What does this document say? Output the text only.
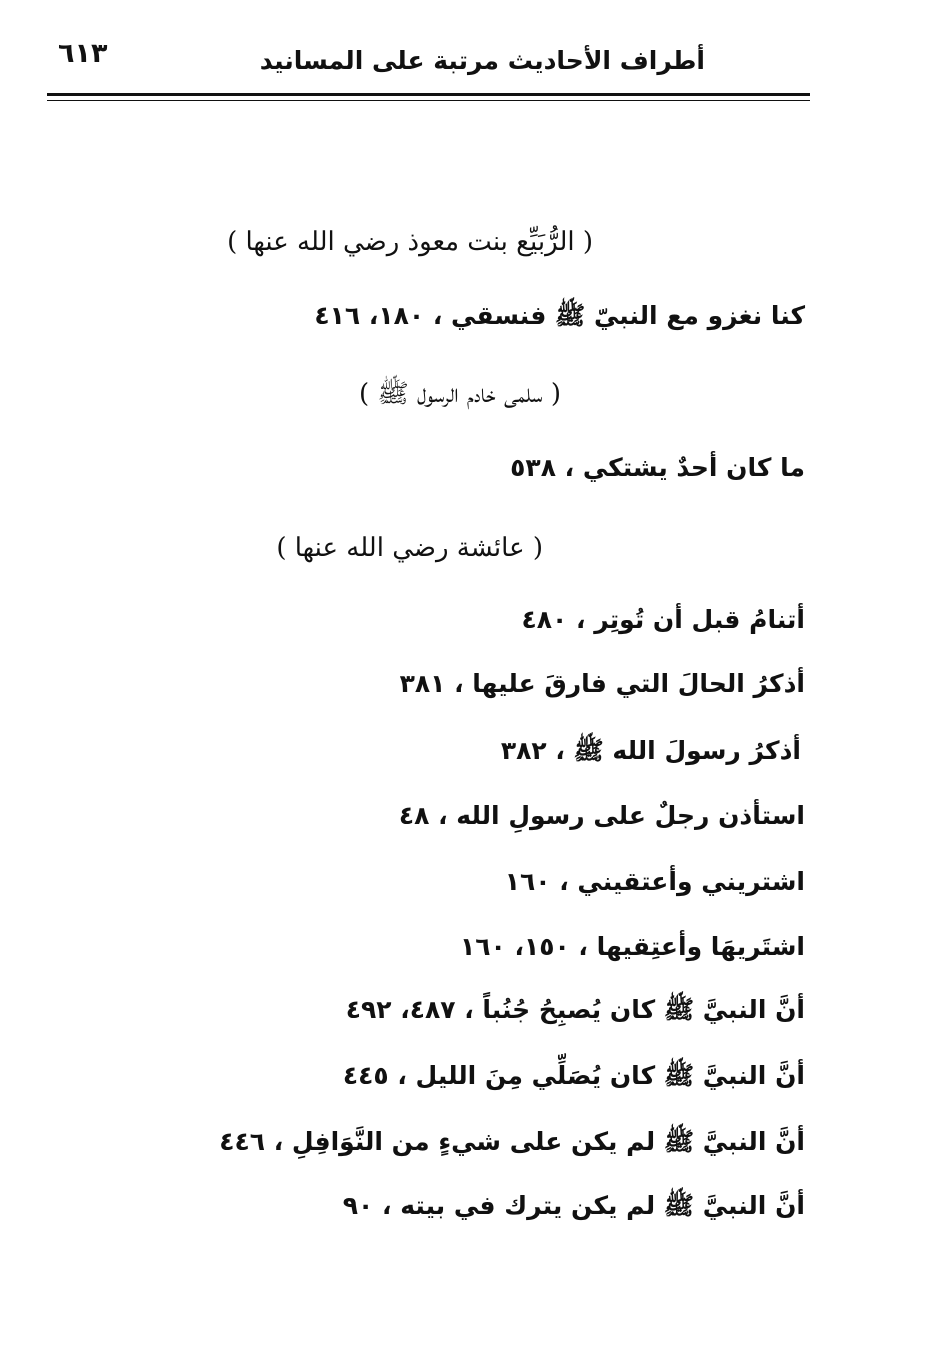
٦١٣	أطراف الأحاديث مرتبة على المسانيد
( الرُّبَيِّع بنت معوذ رضي الله عنها )
كنا نغزو مع النبيّ ﷺ فنسقي ، ١٨٠، ٤١٦
( سلمى خادم الرسول ﷺ )
ما كان أحدٌ يشتكي ، ٥٣٨
( عائشة رضي الله عنها )
أتنامُ قبل أن تُوتِر ، ٤٨٠
أذكرُ الحالَ التي فارقَ عليها ، ٣٨١
أذكرُ رسولَ الله ﷺ ، ٣٨٢
استأذن رجلٌ على رسولِ الله ، ٤٨
اشتريني وأعتقيني ، ١٦٠
اشتَريهَا وأعتِقيها ، ١٥٠، ١٦٠
أنَّ النبيَّ ﷺ كان يُصبِحُ جُنُباً ، ٤٨٧، ٤٩٢
أنَّ النبيَّ ﷺ كان يُصَلِّي مِنَ الليل ، ٤٤٥
أنَّ النبيَّ ﷺ لم يكن على شيءٍ من النَّوَافِلِ ، ٤٤٦
أنَّ النبيَّ ﷺ لم يكن يترك في بيته ، ٩٠
